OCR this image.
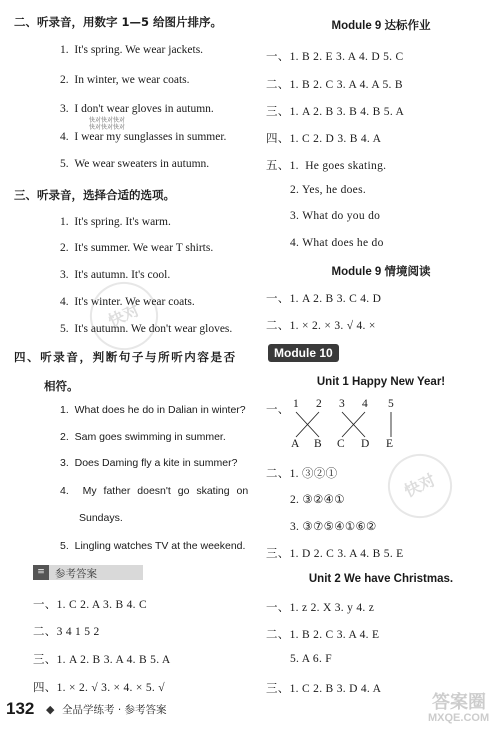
二、听录音，用数字 1—5 给图片排序。
1. It's spring. We wear jackets.
2. In winter, we wear coats.
3. I don't wear gloves in autumn.
快对快对快对
快对快对快对
4. I wear my sunglasses in summer.
5. We wear sweaters in autumn.
三、听录音，选择合适的选项。
1. It's spring. It's warm.
2. It's summer. We wear T shirts.
3. It's autumn. It's cool.
4. It's winter. We wear coats.
5. It's autumn. We don't wear gloves.
四、听录音，判断句子与所听内容是否
相符。
1. What does he do in Dalian in winter?
2. Sam goes swimming in summer.
3. Does Daming fly a kite in summer?
4. My father doesn't go skating on
Sundays.
5. Lingling watches TV at the weekend.
≡ 参考答案
一、1. C 2. A 3. B 4. C
二、3 4 1 5 2
三、1. A 2. B 3. A 4. B 5. A
四、1. × 2. √ 3. × 4. × 5. √
132 ◆ 全品学练考 · 参考答案
Module 9 达标作业
一、1. B 2. E 3. A 4. D 5. C
二、1. B 2. C 3. A 4. A 5. B
三、1. A 2. B 3. B 4. B 5. A
四、1. C 2. D 3. B 4. A
五、1. He goes skating.
2. Yes, he does.
3. What do you do
4. What does he do
Module 9 情境阅读
一、1. A 2. B 3. C 4. D
二、1. × 2. × 3. √ 4. ×
Module 10
Unit 1 Happy New Year!
一、 1 2 3 4 5
A B C D E
二、1. ③②①
2. ③②④①
3. ③⑦⑤④①⑥②
三、1. D 2. C 3. A 4. B 5. E
Unit 2 We have Christmas.
一、1. z 2. X 3. y 4. z
二、1. B 2. C 3. A 4. E
5. A 6. F
三、1. C 2. B 3. D 4. A
快对
快对
答案圈
MXQE.COM
